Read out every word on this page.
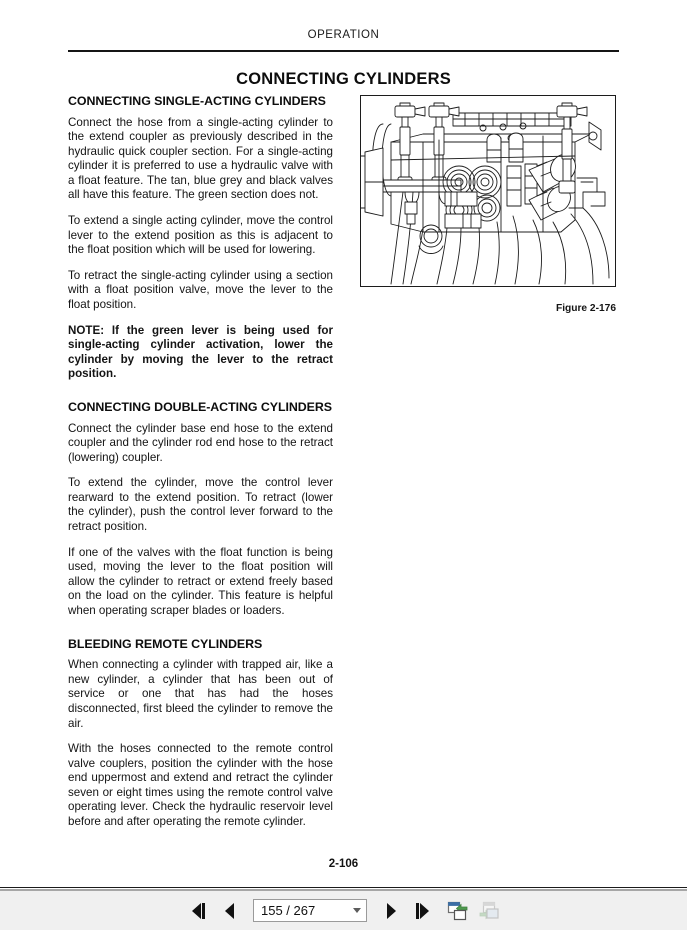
OPERATION
CONNECTING CYLINDERS
CONNECTING SINGLE-ACTING CYLINDERS

Connect the hose from a single-acting cylinder to the extend coupler as previously described in the hydraulic quick coupler section. For a single-acting cylinder it is preferred to use a hydraulic valve with a float feature. The tan, blue grey and black valves all have this feature. The green section does not.

To extend a single acting cylinder, move the control lever to the extend position as this is adjacent to the float position which will be used for lowering.

To retract the single-acting cylinder using a section with a float position valve, move the lever to the float position.

NOTE: If the green lever is being used for single-acting cylinder activation, lower the cylinder by moving the lever to the retract position.

CONNECTING DOUBLE-ACTING CYLINDERS

Connect the cylinder base end hose to the extend coupler and the cylinder rod end hose to the retract (lowering) coupler.

To extend the cylinder, move the control lever rearward to the extend position. To retract (lower the cylinder), push the control lever forward to the retract position.

If one of the valves with the float function is being used, moving the lever to the float position will allow the cylinder to retract or extend freely based on the load on the cylinder. This feature is helpful when operating scraper blades or loaders.

BLEEDING REMOTE CYLINDERS

When connecting a cylinder with trapped air, like a new cylinder, a cylinder that has been out of service or one that has had the hoses disconnected, first bleed the cylinder to remove the air.

With the hoses connected to the remote control valve couplers, position the cylinder with the hose end uppermost and extend and retract the cylinder seven or eight times using the remote control valve operating lever. Check the hydraulic reservoir level before and after operating the remote cylinder.

Figure 2-176
2-106
155 / 267
